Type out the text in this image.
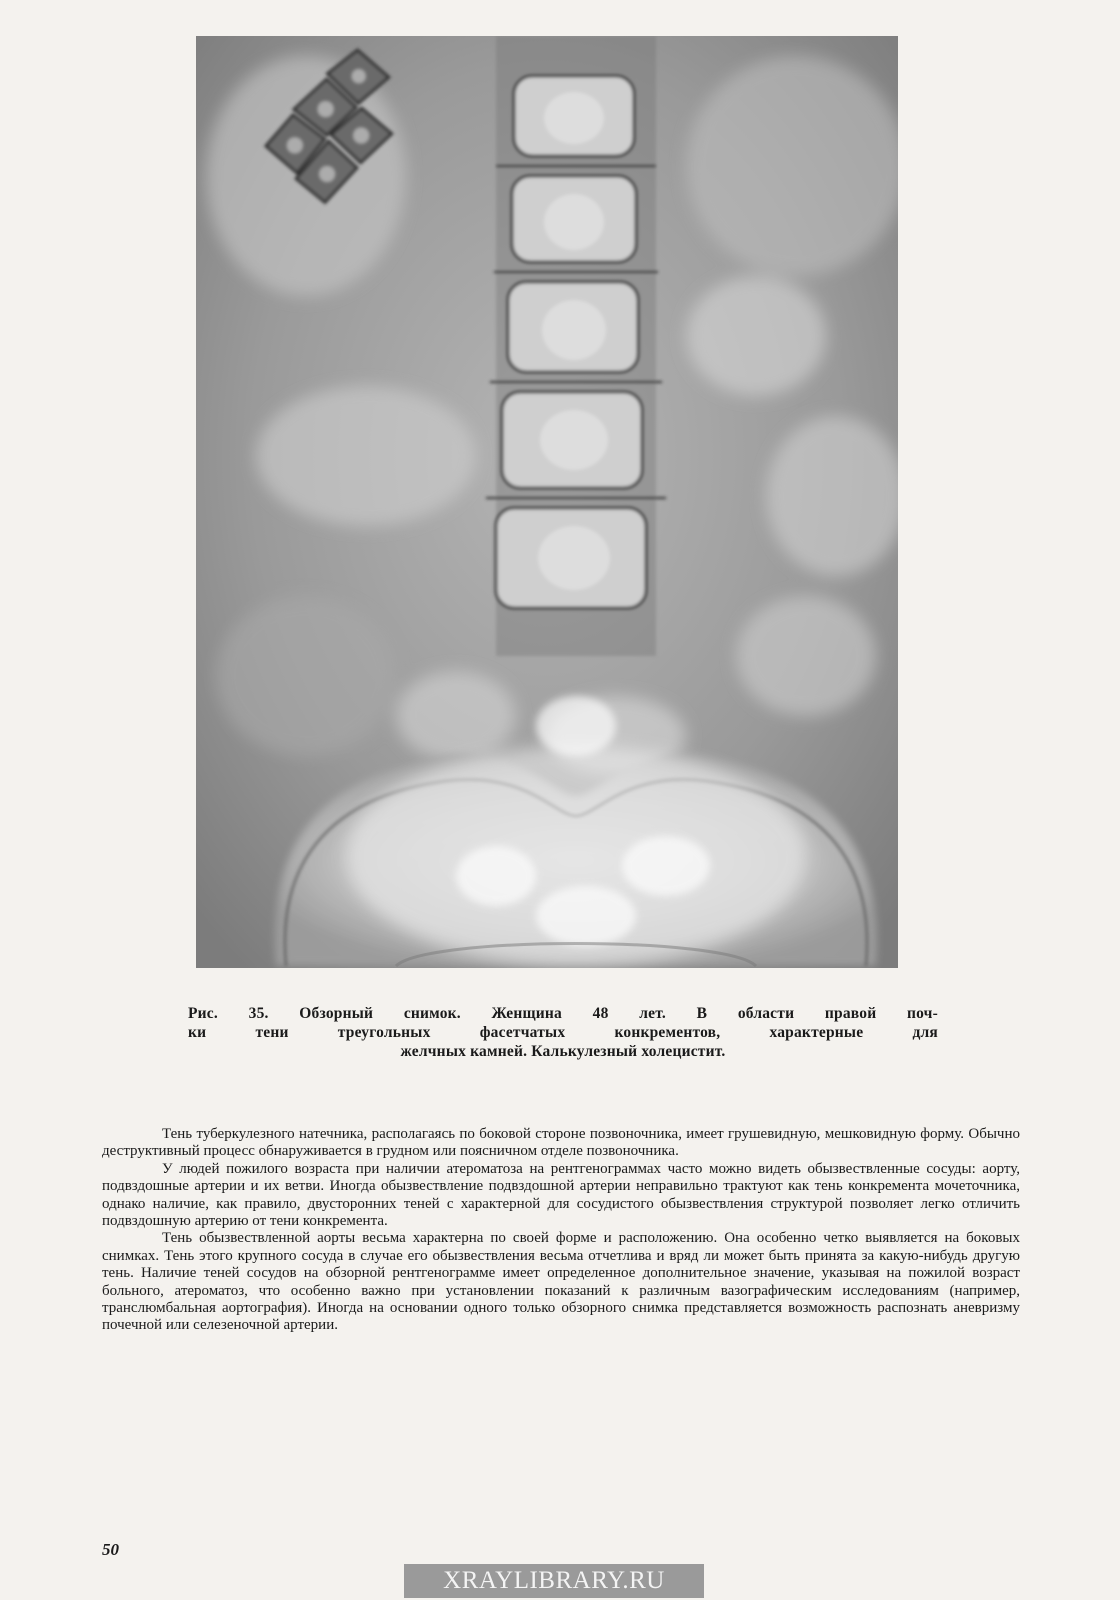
Рис. 35. Обзорный снимок. Женщина 48 лет. В области правой поч-
ки тени треугольных фасетчатых конкрементов, характерные для
желчных камней. Калькулезный холецистит.

Тень туберкулезного натечника, располагаясь по боковой стороне позвоночника, имеет грушевидную, мешковидную форму. Обычно деструктивный процесс обнаруживается в грудном или поясничном отделе позвоночника.

У людей пожилого возраста при наличии атероматоза на рентгенограммах часто можно видеть обызвествленные сосуды: аорту, подвздошные артерии и их ветви. Иногда обызвествление подвздошной артерии неправильно трактуют как тень конкремента мочеточника, однако наличие, как правило, двусторонних теней с характерной для сосудистого обызвествления структурой позволяет легко отличить подвздошную артерию от тени конкремента.

Тень обызвествленной аорты весьма характерна по своей форме и расположению. Она особенно четко выявляется на боковых снимках. Тень этого крупного сосуда в случае его обызвествления весьма отчетлива и вряд ли может быть принята за какую-нибудь другую тень. Наличие теней сосудов на обзорной рентгенограмме имеет определенное дополнительное значение, указывая на пожилой возраст больного, атероматоз, что особенно важно при установлении показаний к различным вазографическим исследованиям (например, транслюмбальная аортография). Иногда на основании одного только обзорного снимка представляется возможность распознать аневризму почечной или селезеночной артерии.

50
XRAYLIBRARY.RU
